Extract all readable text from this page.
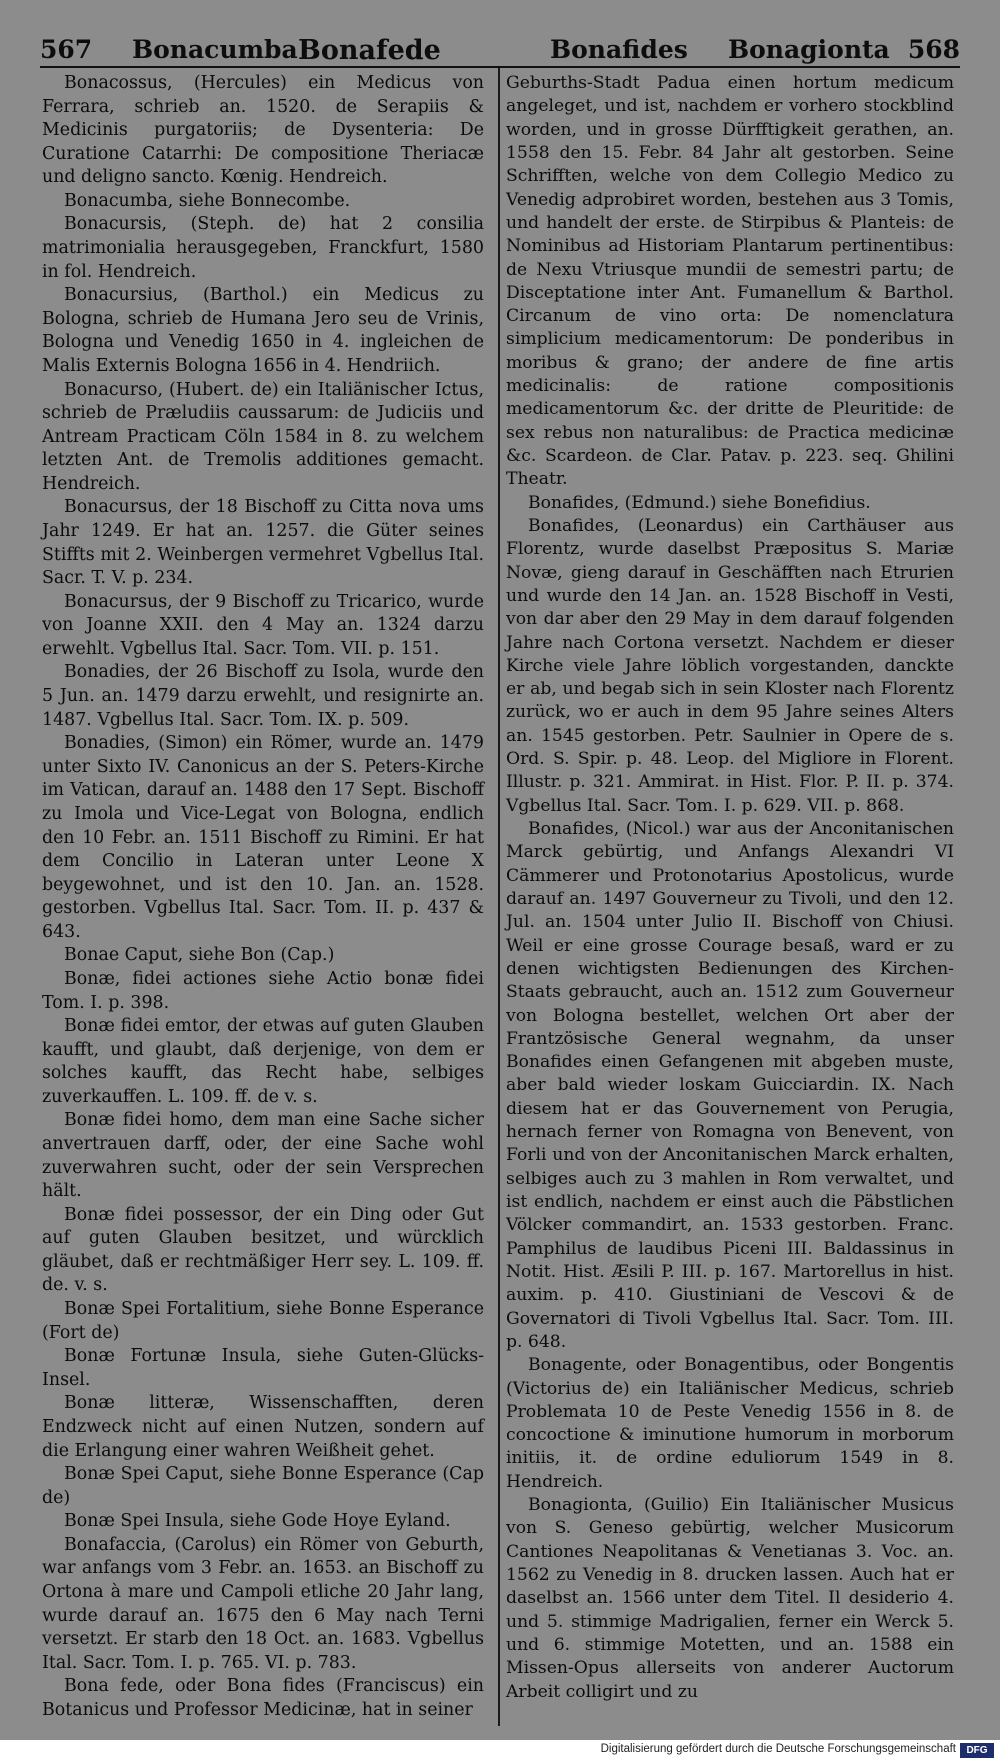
567 Bonacumba Bonafede	Bonafides Bonagionta 568

Bonacossus, (Hercules) ein Medicus von Ferrara, schrieb an. 1520. de Serapiis & Medicinis purgatoriis; de Dysenteria: De Curatione Catarrhi: De compositione Theriacæ und deligno sancto. Kœnig. Hendreich.

Bonacumba, siehe Bonnecombe.

Bonacursis, (Steph. de) hat 2 consilia matrimonialia herausgegeben, Franckfurt, 1580 in fol. Hendreich.

Bonacursius, (Barthol.) ein Medicus zu Bologna, schrieb de Humana Jero seu de Vrinis, Bologna und Venedig 1650 in 4. ingleichen de Malis Externis Bologna 1656 in 4. Hendriich.

Bonacurso, (Hubert. de) ein Italiänischer Ictus, schrieb de Præludiis caussarum: de Judiciis und Antream Practicam Cöln 1584 in 8. zu welchem letzten Ant. de Tremolis additiones gemacht. Hendreich.

Bonacursus, der 18 Bischoff zu Citta nova ums Jahr 1249. Er hat an. 1257. die Güter seines Stiffts mit 2. Weinbergen vermehret Vgbellus Ital. Sacr. T. V. p. 234.

Bonacursus, der 9 Bischoff zu Tricarico, wurde von Joanne XXII. den 4 May an. 1324 darzu erwehlt. Vgbellus Ital. Sacr. Tom. VII. p. 151.

Bonadies, der 26 Bischoff zu Isola, wurde den 5 Jun. an. 1479 darzu erwehlt, und resignirte an. 1487. Vgbellus Ital. Sacr. Tom. IX. p. 509.

Bonadies, (Simon) ein Römer, wurde an. 1479 unter Sixto IV. Canonicus an der S. Peters-Kirche im Vatican, darauf an. 1488 den 17 Sept. Bischoff zu Imola und Vice-Legat von Bologna, endlich den 10 Febr. an. 1511 Bischoff zu Rimini. Er hat dem Concilio in Lateran unter Leone X beygewohnet, und ist den 10. Jan. an. 1528. gestorben. Vgbellus Ital. Sacr. Tom. II. p. 437 & 643.

Bonae Caput, siehe Bon (Cap.)

Bonæ, fidei actiones siehe Actio bonæ fidei Tom. I. p. 398.

Bonæ fidei emtor, der etwas auf guten Glauben kaufft, und glaubt, daß derjenige, von dem er solches kaufft, das Recht habe, selbiges zuverkauffen. L. 109. ff. de v. s.

Bonæ fidei homo, dem man eine Sache sicher anvertrauen darff, oder, der eine Sache wohl zuverwahren sucht, oder der sein Versprechen hält.

Bonæ fidei possessor, der ein Ding oder Gut auf guten Glauben besitzet, und würcklich gläubet, daß er rechtmäßiger Herr sey. L. 109. ff. de. v. s.

Bonæ Spei Fortalitium, siehe Bonne Esperance (Fort de)

Bonæ Fortunæ Insula, siehe Guten-Glücks-Insel.

Bonæ litteræ, Wissenschafften, deren Endzweck nicht auf einen Nutzen, sondern auf die Erlangung einer wahren Weißheit gehet.

Bonæ Spei Caput, siehe Bonne Esperance (Cap de)

Bonæ Spei Insula, siehe Gode Hoye Eyland.

Bonafaccia, (Carolus) ein Römer von Geburth, war anfangs vom 3 Febr. an. 1653. an Bischoff zu Ortona à mare und Campoli etliche 20 Jahr lang, wurde darauf an. 1675 den 6 May nach Terni versetzt. Er starb den 18 Oct. an. 1683. Vgbellus Ital. Sacr. Tom. I. p. 765. VI. p. 783.

Bona fede, oder Bona fides (Franciscus) ein Botanicus und Professor Medicinæ, hat in seiner

Geburths-Stadt Padua einen hortum medicum angeleget, und ist, nachdem er vorhero stockblind worden, und in grosse Dürfftigkeit gerathen, an. 1558 den 15. Febr. 84 Jahr alt gestorben. Seine Schrifften, welche von dem Collegio Medico zu Venedig adprobiret worden, bestehen aus 3 Tomis, und handelt der erste. de Stirpibus & Planteis: de Nominibus ad Historiam Plantarum pertinentibus: de Nexu Vtriusque mundii de semestri partu; de Disceptatione inter Ant. Fumanellum & Barthol. Circanum de vino orta: De nomenclatura simplicium medicamentorum: De ponderibus in moribus & grano; der andere de fine artis medicinalis: de ratione compositionis medicamentorum &c. der dritte de Pleuritide: de sex rebus non naturalibus: de Practica medicinæ &c. Scardeon. de Clar. Patav. p. 223. seq. Ghilini Theatr.

Bonafides, (Edmund.) siehe Bonefidius.

Bonafides, (Leonardus) ein Carthäuser aus Florentz, wurde daselbst Præpositus S. Mariæ Novæ, gieng darauf in Geschäfften nach Etrurien und wurde den 14 Jan. an. 1528 Bischoff in Vesti, von dar aber den 29 May in dem darauf folgenden Jahre nach Cortona versetzt. Nachdem er dieser Kirche viele Jahre löblich vorgestanden, danckte er ab, und begab sich in sein Kloster nach Florentz zurück, wo er auch in dem 95 Jahre seines Alters an. 1545 gestorben. Petr. Saulnier in Opere de s. Ord. S. Spir. p. 48. Leop. del Migliore in Florent. Illustr. p. 321. Ammirat. in Hist. Flor. P. II. p. 374. Vgbellus Ital. Sacr. Tom. I. p. 629. VII. p. 868.

Bonafides, (Nicol.) war aus der Anconitanischen Marck gebürtig, und Anfangs Alexandri VI Cämmerer und Protonotarius Apostolicus, wurde darauf an. 1497 Gouverneur zu Tivoli, und den 12. Jul. an. 1504 unter Julio II. Bischoff von Chiusi. Weil er eine grosse Courage besaß, ward er zu denen wichtigsten Bedienungen des Kirchen-Staats gebraucht, auch an. 1512 zum Gouverneur von Bologna bestellet, welchen Ort aber der Frantzösische General wegnahm, da unser Bonafides einen Gefangenen mit abgeben muste, aber bald wieder loskam Guicciardin. IX. Nach diesem hat er das Gouvernement von Perugia, hernach ferner von Romagna von Benevent, von Forli und von der Anconitanischen Marck erhalten, selbiges auch zu 3 mahlen in Rom verwaltet, und ist endlich, nachdem er einst auch die Päbstlichen Völcker commandirt, an. 1533 gestorben. Franc. Pamphilus de laudibus Piceni III. Baldassinus in Notit. Hist. Æsili P. III. p. 167. Martorellus in hist. auxim. p. 410. Giustiniani de Vescovi & de Governatori di Tivoli Vgbellus Ital. Sacr. Tom. III. p. 648.

Bonagente, oder Bonagentibus, oder Bongentis (Victorius de) ein Italiänischer Medicus, schrieb Problemata 10 de Peste Venedig 1556 in 8. de concoctione & iminutione humorum in morborum initiis, it. de ordine eduliorum 1549 in 8. Hendreich.

Bonagionta, (Guilio) Ein Italiänischer Musicus von S. Geneso gebürtig, welcher Musicorum Cantiones Neapolitanas & Venetianas 3. Voc. an. 1562 zu Venedig in 8. drucken lassen. Auch hat er daselbst an. 1566 unter dem Titel. Il desiderio 4. und 5. stimmige Madrigalien, ferner ein Werck 5. und 6. stimmige Motetten, und an. 1588 ein Missen-Opus allerseits von anderer Auctorum Arbeit colligirt und zu

Digitalisierung gefördert durch die Deutsche Forschungsgemeinschaft	DFG
